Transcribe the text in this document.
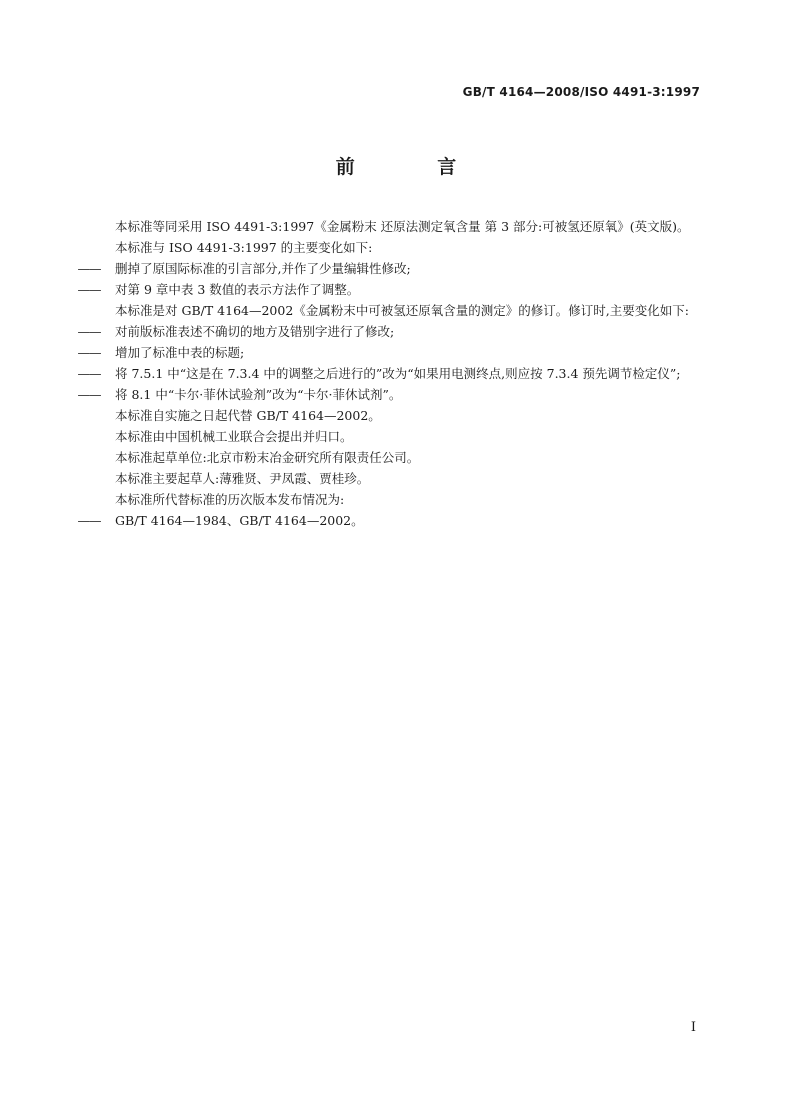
GB/T 4164—2008/ISO 4491-3:1997
前 言

本标准等同采用 ISO 4491-3:1997《金属粉末 还原法测定氧含量 第 3 部分:可被氢还原氧》(英文版)。

本标准与 ISO 4491-3:1997 的主要变化如下:

—— 删掉了原国际标准的引言部分,并作了少量编辑性修改;

—— 对第 9 章中表 3 数值的表示方法作了调整。

本标准是对 GB/T 4164—2002《金属粉末中可被氢还原氧含量的测定》的修订。修订时,主要变化如下:

—— 对前版标准表述不确切的地方及错别字进行了修改;

—— 增加了标准中表的标题;

—— 将 7.5.1 中“这是在 7.3.4 中的调整之后进行的”改为“如果用电测终点,则应按 7.3.4 预先调节检定仪”;

—— 将 8.1 中“卡尔·菲休试验剂”改为“卡尔·菲休试剂”。

本标准自实施之日起代替 GB/T 4164—2002。

本标准由中国机械工业联合会提出并归口。

本标准起草单位:北京市粉末冶金研究所有限责任公司。

本标准主要起草人:薄雅贤、尹凤霞、贾桂珍。

本标准所代替标准的历次版本发布情况为:

—— GB/T 4164—1984、GB/T 4164—2002。

I
